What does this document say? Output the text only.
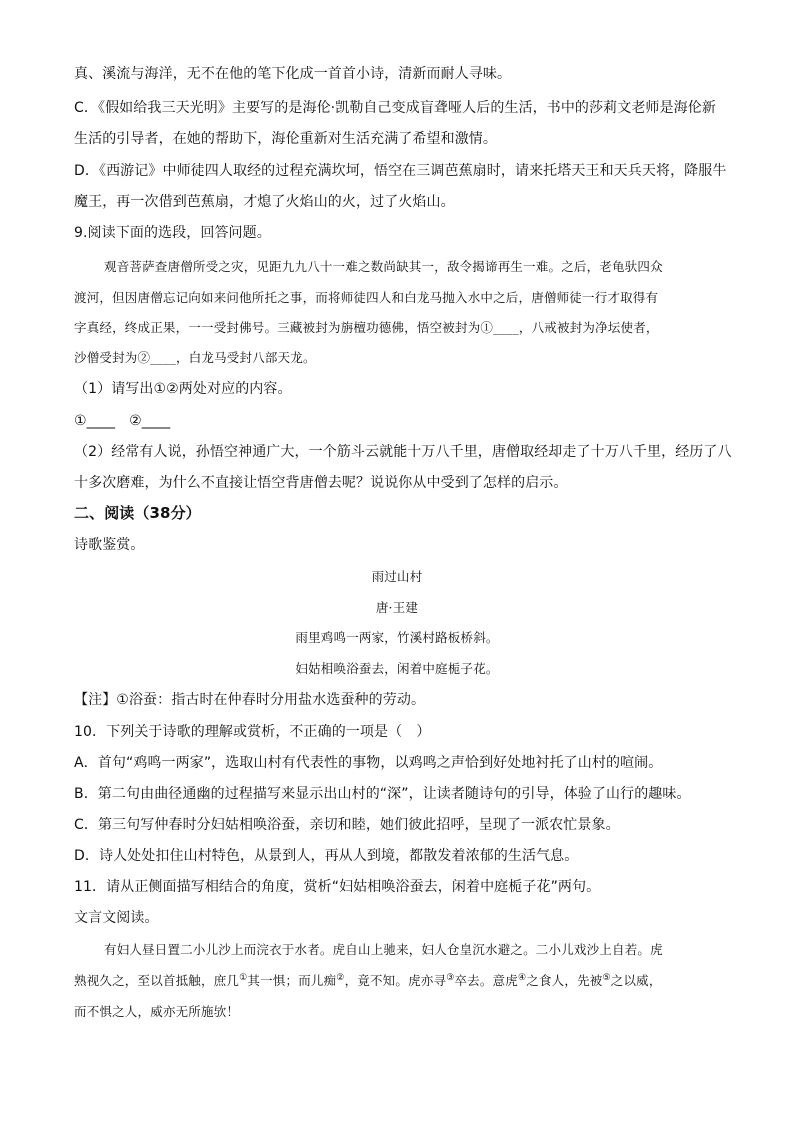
真、溪流与海洋，无不在他的笔下化成一首首小诗，清新而耐人寻味。
C．《假如给我三天光明》主要写的是海伦·凯勒自己变成盲聋哑人后的生活，书中的莎莉文老师是海伦新
生活的引导者，在她的帮助下，海伦重新对生活充满了希望和激情。
D．《西游记》中师徒四人取经的过程充满坎坷，悟空在三调芭蕉扇时，请来托塔天王和天兵天将，降服牛
魔王，再一次借到芭蕉扇，才熄了火焰山的火，过了火焰山。
9.阅读下面的选段，回答问题。
观音菩萨查唐僧所受之灾，见距九九八十一难之数尚缺其一，敌令揭谛再生一难。之后，老龟驮四众
渡河，但因唐僧忘记向如来问他所托之事，而将师徒四人和白龙马抛入水中之后，唐僧师徒一行才取得有
字真经，终成正果，一一受封佛号。三藏被封为旃檀功德佛，悟空被封为①____，八戒被封为净坛使者，
沙僧受封为②____，白龙马受封八部天龙。
（1）请写出①②两处对应的内容。
①____　②____
（2）经常有人说，孙悟空神通广大，一个筋斗云就能十万八千里，唐僧取经却走了十万八千里，经历了八
十多次磨难，为什么不直接让悟空背唐僧去呢？说说你从中受到了怎样的启示。
二、阅读（38分）
诗歌鉴赏。
雨过山村
唐·王建
雨里鸡鸣一两家，竹溪村路板桥斜。
妇姑相唤浴蚕去，闲着中庭栀子花。
【注】①浴蚕：指古时在仲春时分用盐水选蚕种的劳动。
10．下列关于诗歌的理解或赏析，不正确的一项是（　）
A．首句“鸡鸣一两家”，选取山村有代表性的事物，以鸡鸣之声恰到好处地衬托了山村的喧闹。
B．第二句由曲径通幽的过程描写来显示出山村的“深”，让读者随诗句的引导，体验了山行的趣味。
C．第三句写仲春时分妇姑相唤浴蚕，亲切和睦，她们彼此招呼，呈现了一派农忙景象。
D．诗人处处扣住山村特色，从景到人，再从人到境，都散发着浓郁的生活气息。
11．请从正侧面描写相结合的角度，赏析“妇姑相唤浴蚕去，闲着中庭栀子花”两句。
文言文阅读。
有妇人昼日置二小儿沙上而浣衣于水者。虎自山上驰来，妇人仓皇沉水避之。二小儿戏沙上自若。虎
熟视久之，至以首抵触，庶几①其一惧；而儿痴②，竟不知。虎亦寻③卒去。意虎④之食人，先被⑤之以威，
而不惧之人，威亦无所施欤！
